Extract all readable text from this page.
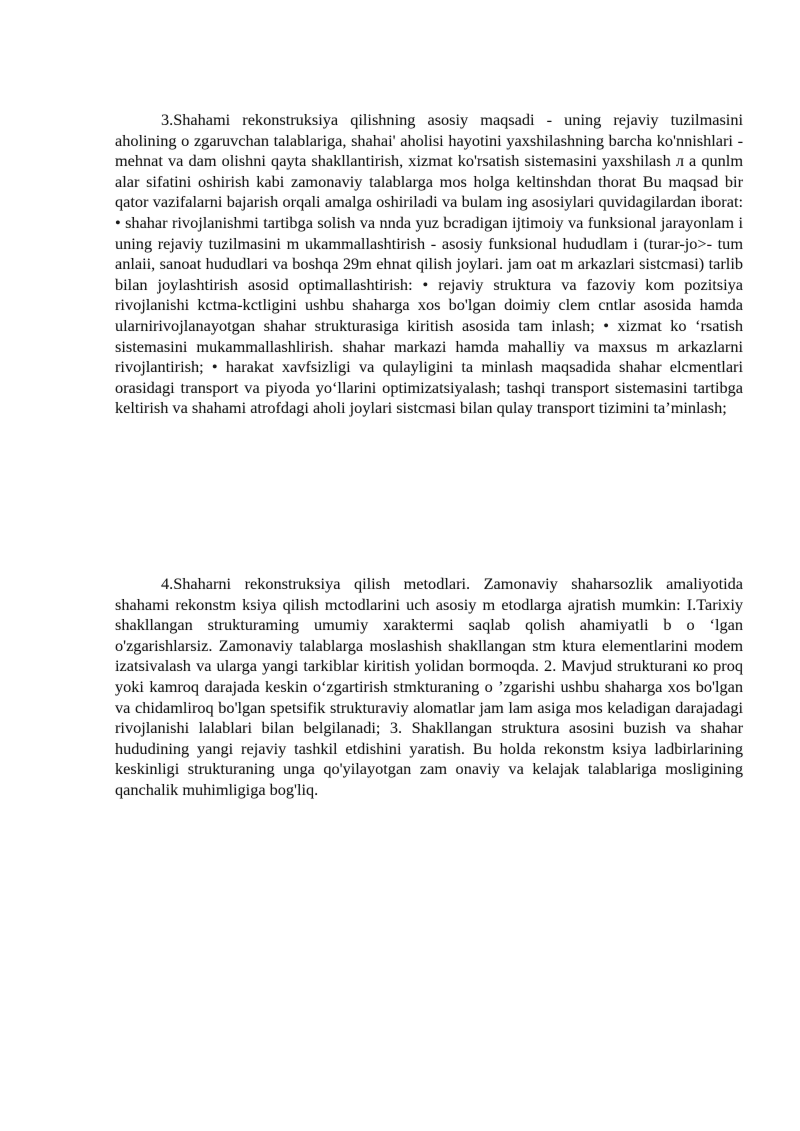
3.Shahami rekonstruksiya qilishning asosiy maqsadi - uning rejaviy tuzilmasini aholining o zgaruvchan talablariga, shahai' aholisi hayotini yaxshilashning barcha ko'nnishlari - mehnat va dam olishni qayta shakllantirish, xizmat ko'rsatish sistemasini yaxshilash л a qunlm alar sifatini oshirish kabi zamonaviy talablarga mos holga keltinshdan thorat Bu maqsad bir qator vazifalarni bajarish orqali amalga oshiriladi va bulam ing asosiylari quvidagilardan iborat: • shahar rivojlanishmi tartibga solish va nnda yuz bcradigan ijtimoiy va funksional jarayonlam i uning rejaviy tuzilmasini m ukammallashtirish - asosiy funksional hududlam i (turar-jo>- tum anlaii, sanoat hududlari va boshqa 29m ehnat qilish joylari. jam oat m arkazlari sistcmasi) tarlib bilan joylashtirish asosid optimallashtirish: • rejaviy struktura va fazoviy kom pozitsiya rivojlanishi kctma-kctligini ushbu shaharga xos bo'lgan doimiy clem cntlar asosida hamda ularnirivojlanayotgan shahar strukturasiga kiritish asosida tam inlash; • xizmat ko ‘rsatish sistemasini mukammallashlirish. shahar markazi hamda mahalliy va maxsus m arkazlarni rivojlantirish; • harakat xavfsizligi va qulayligini ta minlash maqsadida shahar elcmentlari orasidagi transport va piyoda yo‘llarini optimizatsiyalash; tashqi transport sistemasini tartibga keltirish va shahami atrofdagi aholi joylari sistcmasi bilan qulay transport tizimini ta’minlash;

4.Shaharni rekonstruksiya qilish metodlari. Zamonaviy shaharsozlik amaliyotida shahami rekonstm ksiya qilish mctodlarini uch asosiy m etodlarga ajratish mumkin: I.Tarixiy shakllangan strukturaming umumiy xaraktermi saqlab qolish ahamiyatli b o ‘lgan o'zgarishlarsiz. Zamonaviy talablarga moslashish shakllangan stm ktura elementlarini modem izatsivalash va ularga yangi tarkiblar kiritish yolidan bormoqda. 2. Mavjud strukturani ко proq yoki kamroq darajada keskin o‘zgartirish stmkturaning o ’zgarishi ushbu shaharga xos bo'lgan va chidamliroq bo'lgan spetsifik strukturaviy alomatlar jam lam asiga mos keladigan darajadagi rivojlanishi lalablari bilan belgilanadi; 3. Shakllangan struktura asosini buzish va shahar hududining yangi rejaviy tashkil etdishini yaratish. Bu holda rekonstm ksiya ladbirlarining keskinligi strukturaning unga qo'yilayotgan zam onaviy va kelajak talablariga mosligining qanchalik muhimligiga bog'liq.
